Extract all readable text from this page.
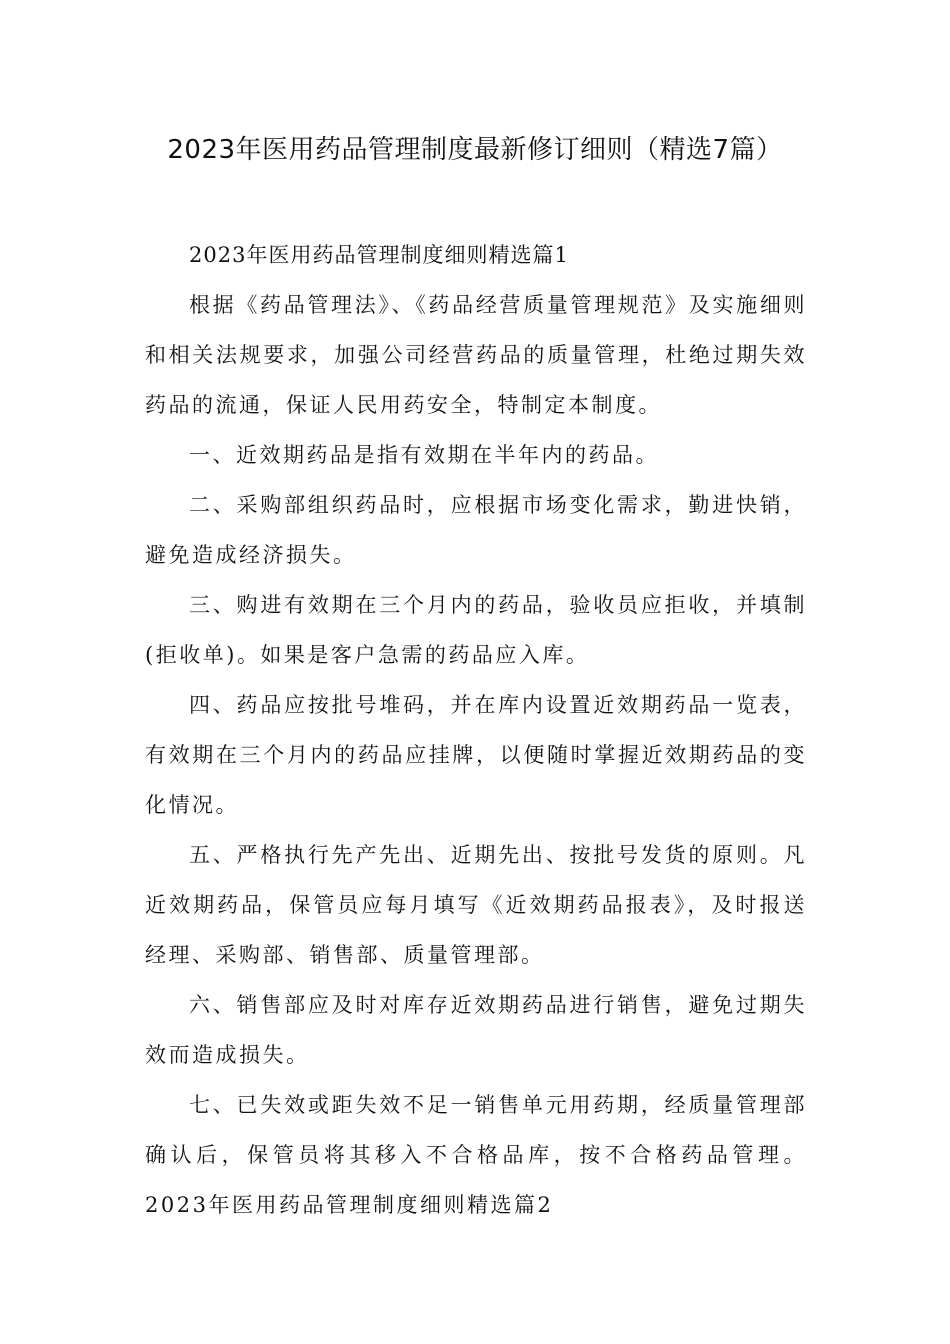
2023年医用药品管理制度最新修订细则（精选7篇）

2023年医用药品管理制度细则精选篇1

根据《药品管理法》、《药品经营质量管理规范》及实施细则和相关法规要求，加强公司经营药品的质量管理，杜绝过期失效药品的流通，保证人民用药安全，特制定本制度。

一、近效期药品是指有效期在半年内的药品。

二、采购部组织药品时，应根据市场变化需求，勤进快销，避免造成经济损失。

三、购进有效期在三个月内的药品，验收员应拒收，并填制(拒收单)。如果是客户急需的药品应入库。

四、药品应按批号堆码，并在库内设置近效期药品一览表，有效期在三个月内的药品应挂牌，以便随时掌握近效期药品的变化情况。

五、严格执行先产先出、近期先出、按批号发货的原则。凡近效期药品，保管员应每月填写《近效期药品报表》，及时报送经理、采购部、销售部、质量管理部。

六、销售部应及时对库存近效期药品进行销售，避免过期失效而造成损失。

七、已失效或距失效不足一销售单元用药期，经质量管理部确认后，保管员将其移入不合格品库，按不合格药品管理。2023年医用药品管理制度细则精选篇2
